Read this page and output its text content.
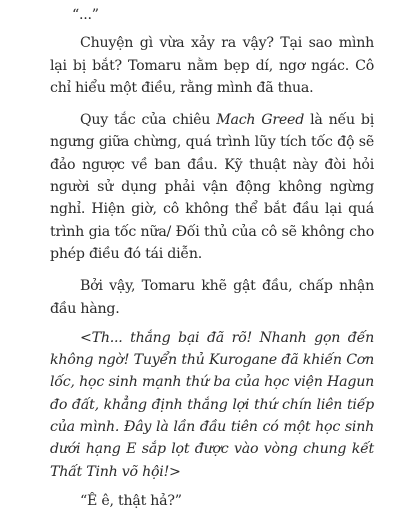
“...”

Chuyện gì vừa xảy ra vậy? Tại sao mình lại bị bắt? Tomaru nằm bẹp dí, ngơ ngác. Cô chỉ hiểu một điều, rằng mình đã thua.

Quy tắc của chiêu Mach Greed là nếu bị ngưng giữa chừng, quá trình lũy tích tốc độ sẽ đảo ngược về ban đầu. Kỹ thuật này đòi hỏi người sử dụng phải vận động không ngừng nghỉ. Hiện giờ, cô không thể bắt đầu lại quá trình gia tốc nữa/ Đối thủ của cô sẽ không cho phép điều đó tái diễn.

Bởi vậy, Tomaru khẽ gật đầu, chấp nhận đầu hàng.

<Th... thắng bại đã rõ! Nhanh gọn đến không ngờ! Tuyển thủ Kurogane đã khiến Cơn lốc, học sinh mạnh thứ ba của học viện Hagun đo đất, khẳng định thắng lợi thứ chín liên tiếp của mình. Đây là lần đầu tiên có một học sinh dưới hạng E sắp lọt được vào vòng chung kết Thất Tinh võ hội!>

“Ê ê, thật hả?”
